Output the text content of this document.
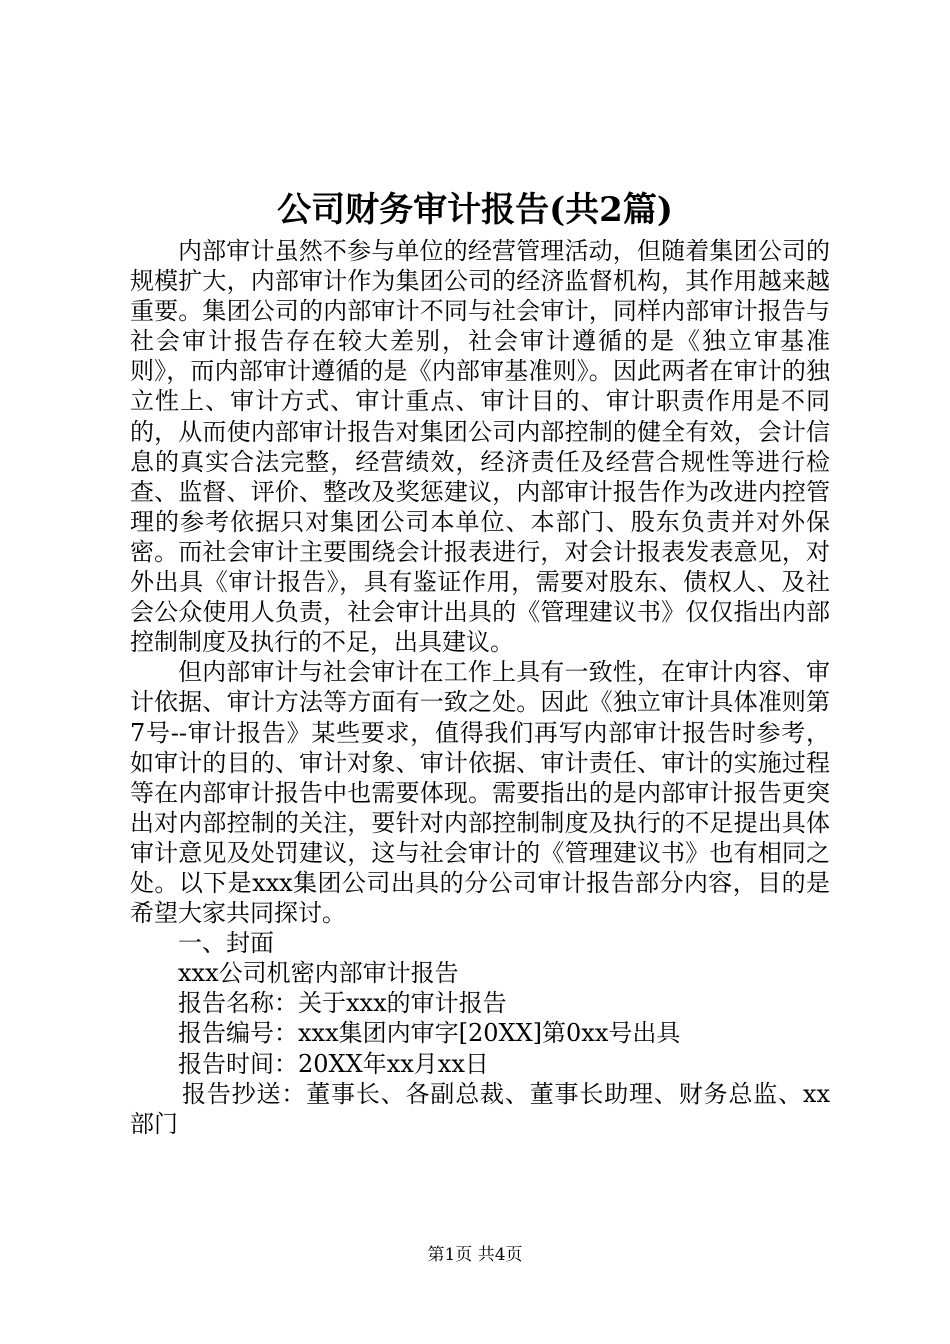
公司财务审计报告(共2篇)

内部审计虽然不参与单位的经营管理活动，但随着集团公司的规模扩大，内部审计作为集团公司的经济监督机构，其作用越来越重要。集团公司的内部审计不同与社会审计，同样内部审计报告与社会审计报告存在较大差别，社会审计遵循的是《独立审基准则》，而内部审计遵循的是《内部审基准则》。因此两者在审计的独立性上、审计方式、审计重点、审计目的、审计职责作用是不同的，从而使内部审计报告对集团公司内部控制的健全有效，会计信息的真实合法完整，经营绩效，经济责任及经营合规性等进行检查、监督、评价、整改及奖惩建议，内部审计报告作为改进内控管理的参考依据只对集团公司本单位、本部门、股东负责并对外保密。而社会审计主要围绕会计报表进行，对会计报表发表意见，对外出具《审计报告》，具有鉴证作用，需要对股东、债权人、及社会公众使用人负责，社会审计出具的《管理建议书》仅仅指出内部控制制度及执行的不足，出具建议。

但内部审计与社会审计在工作上具有一致性，在审计内容、审计依据、审计方法等方面有一致之处。因此《独立审计具体准则第7号--审计报告》某些要求，值得我们再写内部审计报告时参考，如审计的目的、审计对象、审计依据、审计责任、审计的实施过程等在内部审计报告中也需要体现。需要指出的是内部审计报告更突出对内部控制的关注，要针对内部控制制度及执行的不足提出具体审计意见及处罚建议，这与社会审计的《管理建议书》也有相同之处。以下是xxx集团公司出具的分公司审计报告部分内容，目的是希望大家共同探讨。

一、封面

xxx公司机密内部审计报告

报告名称：关于xxx的审计报告

报告编号：xxx集团内审字[20XX]第0xx号出具

报告时间：20XX年xx月xx日

报告抄送：董事长、各副总裁、董事长助理、财务总监、xx部门

第1页 共4页
